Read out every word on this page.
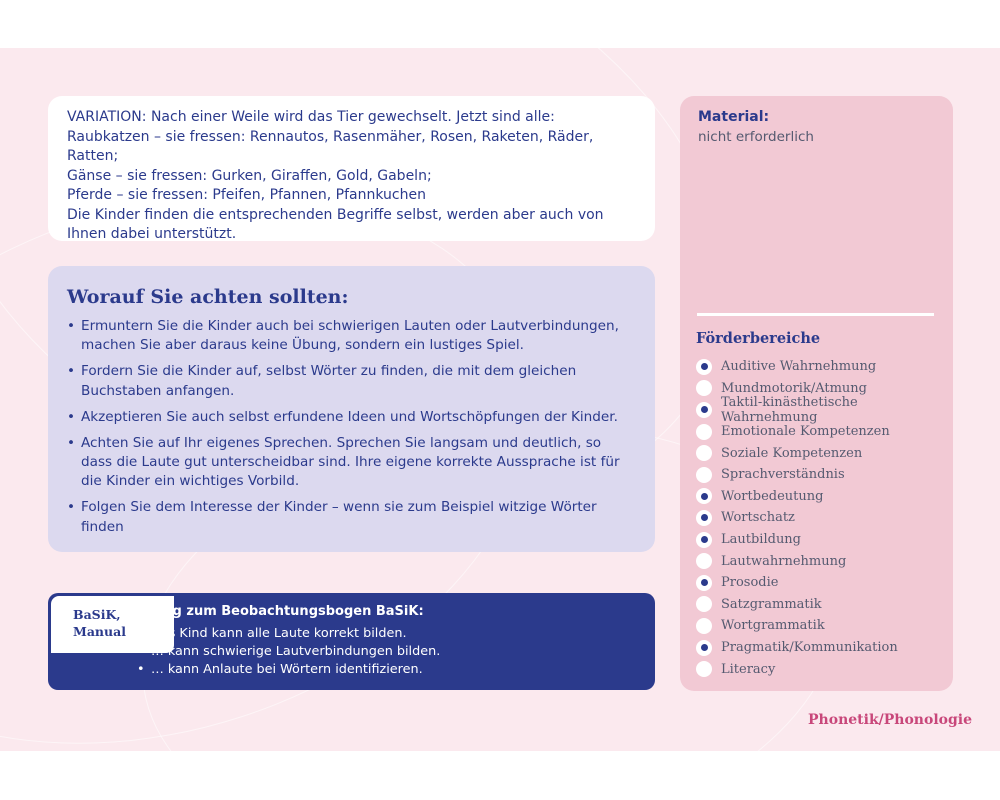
VARIATION: Nach einer Weile wird das Tier gewechselt. Jetzt sind alle:

Raubkatzen – sie fressen: Rennautos, Rasenmäher, Rosen, Raketen, Räder, Ratten;

Gänse – sie fressen: Gurken, Giraffen, Gold, Gabeln;

Pferde – sie fressen: Pfeifen, Pfannen, Pfannkuchen

Die Kinder finden die entsprechenden Begriffe selbst, werden aber auch von Ihnen dabei unterstützt.

Worauf Sie achten sollten:
• Ermuntern Sie die Kinder auch bei schwierigen Lauten oder Lautverbindungen, machen Sie aber daraus keine Übung, sondern ein lustiges Spiel.
• Fordern Sie die Kinder auf, selbst Wörter zu finden, die mit dem gleichen Buchstaben anfangen.
• Akzeptieren Sie auch selbst erfundene Ideen und Wortschöpfungen der Kinder.
• Achten Sie auf Ihr eigenes Sprechen. Sprechen Sie langsam und deutlich, so dass die Laute gut unterscheidbar sind. Ihre eigene korrekte Aussprache ist für die Kinder ein wichtiges Vorbild.
• Folgen Sie dem Interesse der Kinder – wenn sie zum Beispiel witzige Wörter finden
BaSiK,
Manual
Bezug zum Beobachtungsbogen BaSiK:
• Das Kind kann alle Laute korrekt bilden.
• … kann schwierige Lautverbindungen bilden.
• … kann Anlaute bei Wörtern identifizieren.
Material:
nicht erforderlich
Förderbereiche
Auditive Wahrnehmung
Mundmotorik/Atmung
Taktil-kinästhetische Wahrnehmung
Emotionale Kompetenzen
Soziale Kompetenzen
Sprachverständnis
Wortbedeutung
Wortschatz
Lautbildung
Lautwahrnehmung
Prosodie
Satzgrammatik
Wortgrammatik
Pragmatik/Kommunikation
Literacy
Phonetik/Phonologie
